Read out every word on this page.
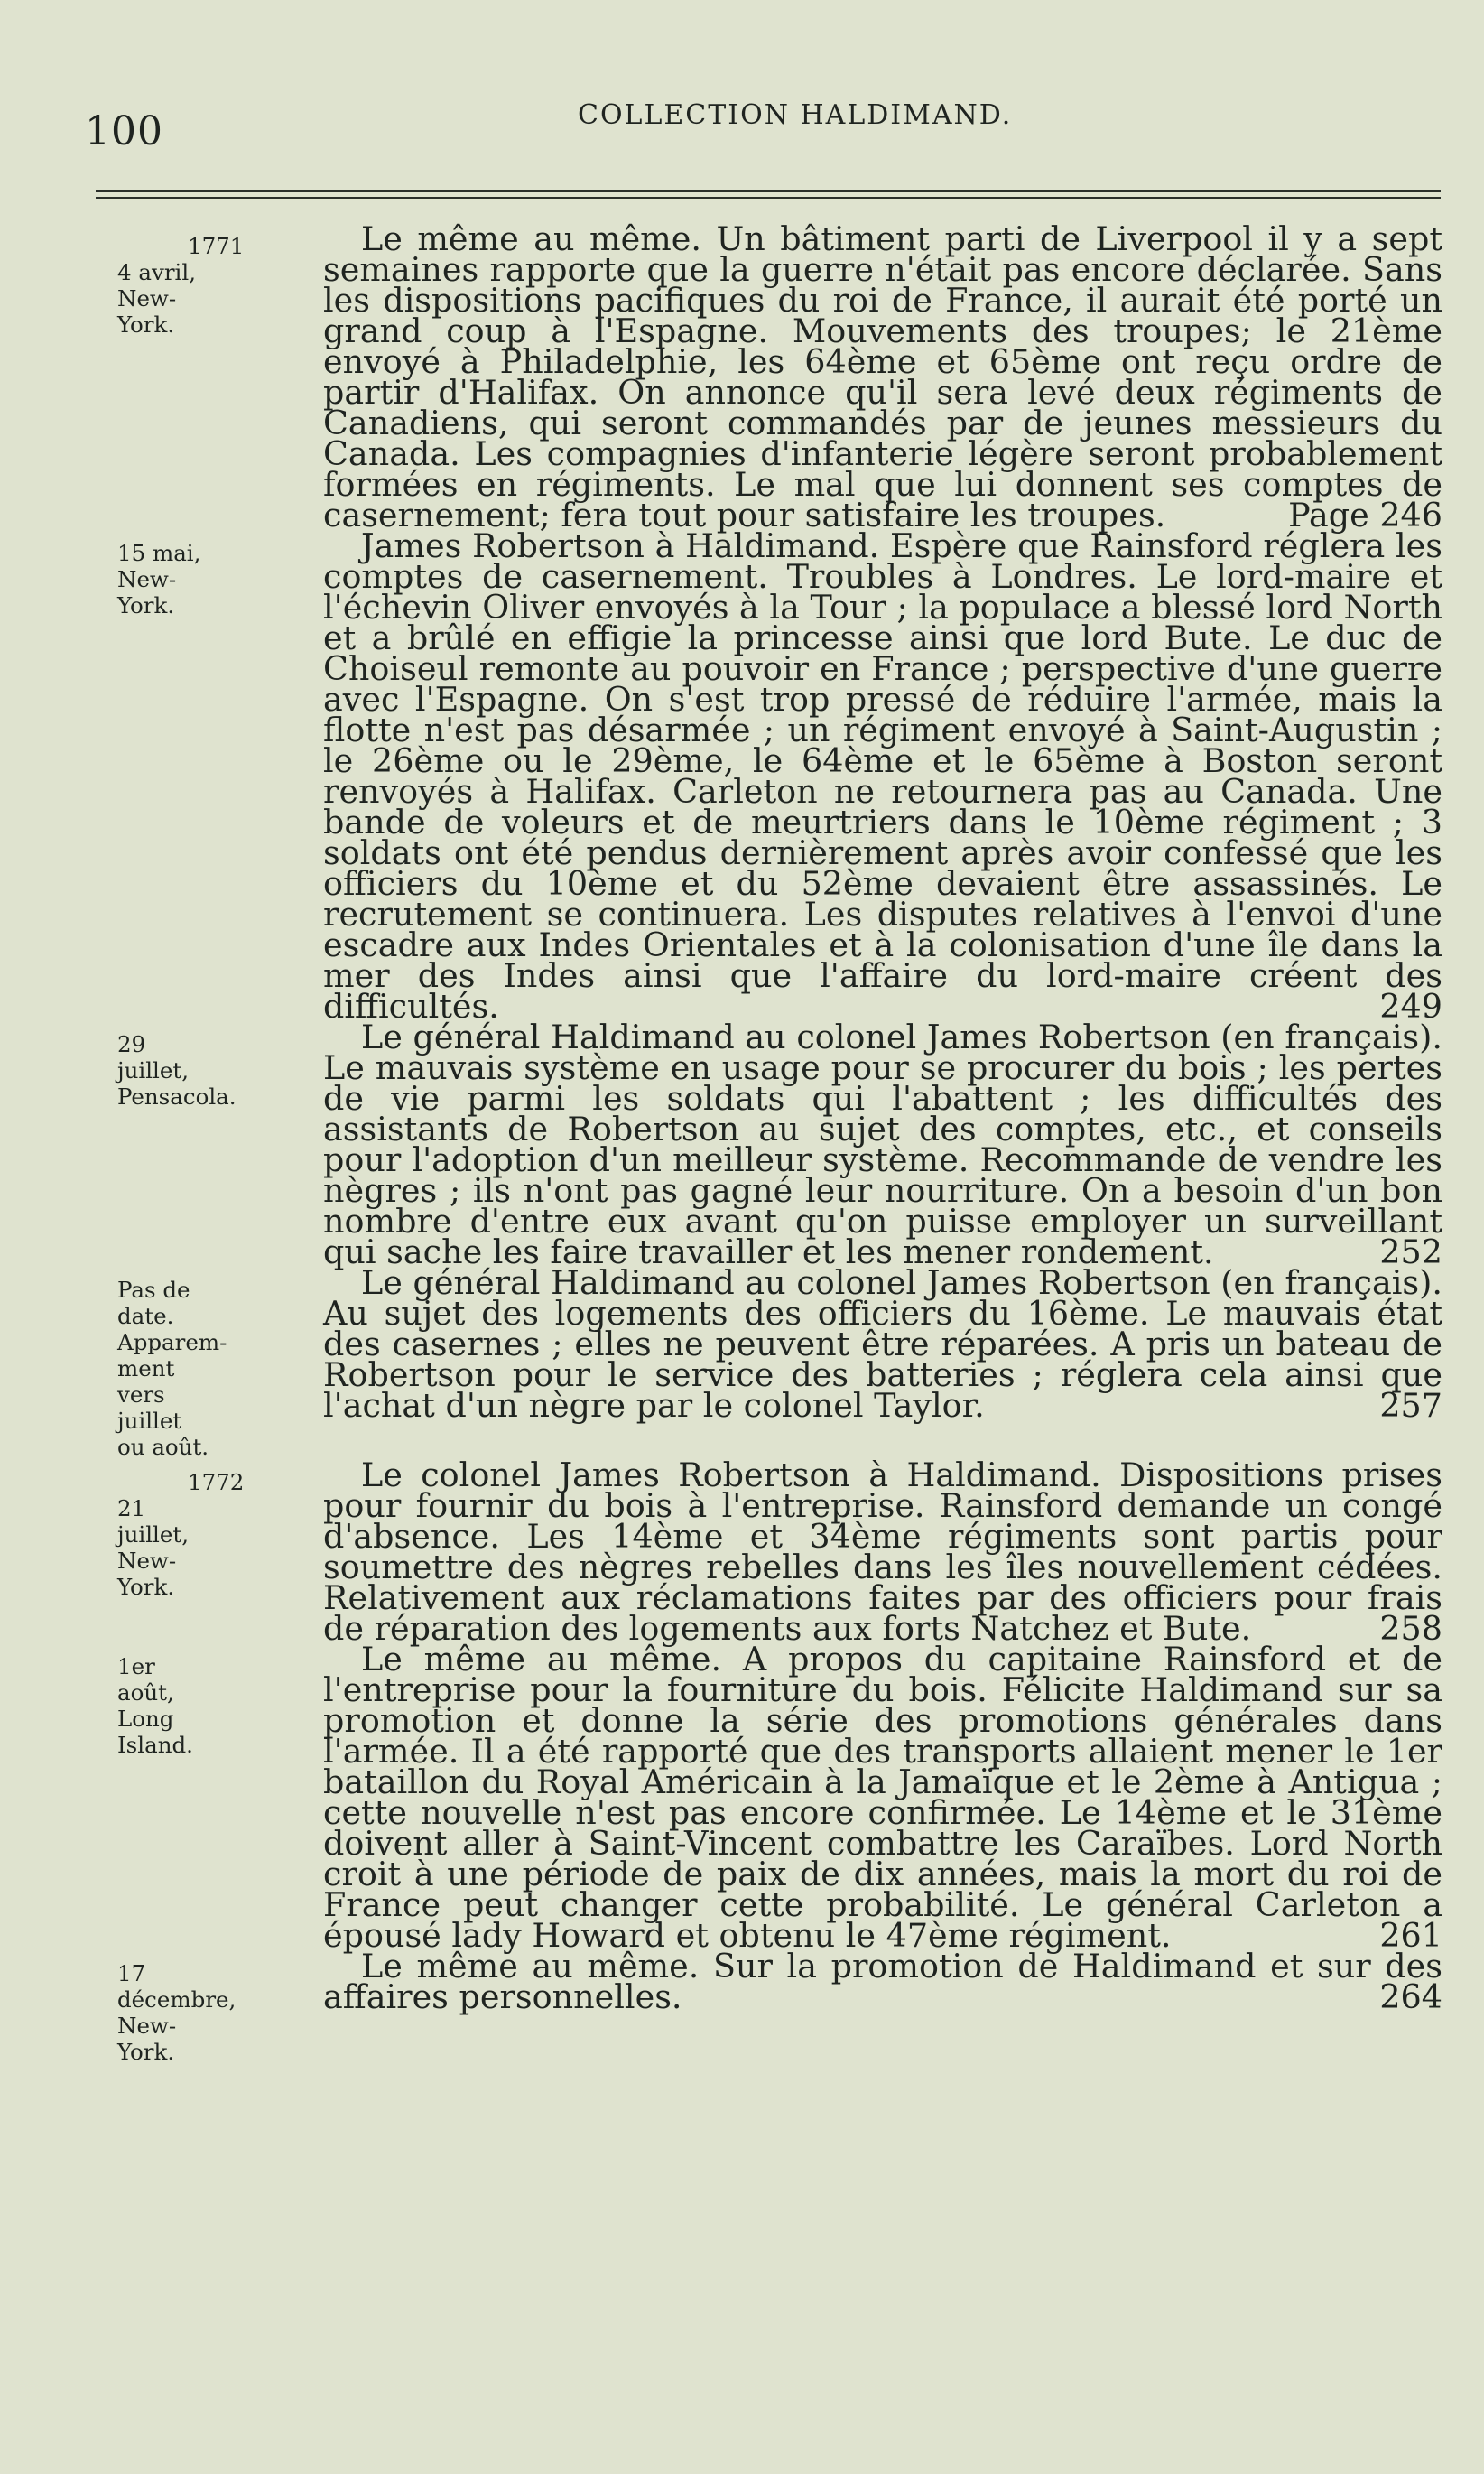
100	COLLECTION HALDIMAND.
1771
4 avril,
New-York.
Le même au même. Un bâtiment parti de Liverpool il y a sept semaines rapporte que la guerre n'était pas encore déclarée. Sans les dispositions pacifiques du roi de France, il aurait été porté un grand coup à l'Espagne. Mouvements des troupes; le 21ème envoyé à Philadelphie, les 64ème et 65ème ont reçu ordre de partir d'Halifax. On annonce qu'il sera levé deux régiments de Canadiens, qui seront commandés par de jeunes messieurs du Canada. Les compagnies d'infanterie légère seront probablement formées en régiments. Le mal que lui donnent ses comptes de casernement; fera tout pour satisfaire les troupes.	Page 246
15 mai,
New-York.
James Robertson à Haldimand. Espère que Rainsford réglera les comptes de casernement. Troubles à Londres. Le lord-maire et l'échevin Oliver envoyés à la Tour ; la populace a blessé lord North et a brûlé en effigie la princesse ainsi que lord Bute. Le duc de Choiseul remonte au pouvoir en France ; perspective d'une guerre avec l'Espagne. On s'est trop pressé de réduire l'armée, mais la flotte n'est pas désarmée ; un régiment envoyé à Saint-Augustin ; le 26ème ou le 29ème, le 64ème et le 65ème à Boston seront renvoyés à Halifax. Carleton ne retournera pas au Canada. Une bande de voleurs et de meurtriers dans le 10ème régiment ; 3 soldats ont été pendus dernièrement après avoir confessé que les officiers du 10ème et du 52ème devaient être assassinés. Le recrutement se continuera. Les disputes relatives à l'envoi d'une escadre aux Indes Orientales et à la colonisation d'une île dans la mer des Indes ainsi que l'affaire du lord-maire créent des difficultés.	249
29 juillet,
Pensacola.
Le général Haldimand au colonel James Robertson (en français). Le mauvais système en usage pour se procurer du bois ; les pertes de vie parmi les soldats qui l'abattent ; les difficultés des assistants de Robertson au sujet des comptes, etc., et conseils pour l'adoption d'un meilleur système. Recommande de vendre les nègres ; ils n'ont pas gagné leur nourriture. On a besoin d'un bon nombre d'entre eux avant qu'on puisse employer un surveillant qui sache les faire travailler et les mener rondement.	252
Pas de date.
Apparem- ment vers juillet ou août.
Le général Haldimand au colonel James Robertson (en français). Au sujet des logements des officiers du 16ème. Le mauvais état des casernes ; elles ne peuvent être réparées. A pris un bateau de Robertson pour le service des batteries ; réglera cela ainsi que l'achat d'un nègre par le colonel Taylor.	257
1772
21 juillet,
New-York.
Le colonel James Robertson à Haldimand. Dispositions prises pour fournir du bois à l'entreprise. Rainsford demande un congé d'absence. Les 14ème et 34ème régiments sont partis pour soumettre des nègres rebelles dans les îles nouvellement cédées. Relativement aux réclamations faites par des officiers pour frais de réparation des logements aux forts Natchez et Bute.	258
1er août,
Long Island.
Le même au même. A propos du capitaine Rainsford et de l'entreprise pour la fourniture du bois. Félicite Haldimand sur sa promotion et donne la série des promotions générales dans l'armée. Il a été rapporté que des transports allaient mener le 1er bataillon du Royal Américain à la Jamaïque et le 2ème à Antigua ; cette nouvelle n'est pas encore confirmée. Le 14ème et le 31ème doivent aller à Saint-Vincent combattre les Caraïbes. Lord North croit à une période de paix de dix années, mais la mort du roi de France peut changer cette probabilité. Le général Carleton a épousé lady Howard et obtenu le 47ème régiment.	261
17 décembre,
New-York.
Le même au même. Sur la promotion de Haldimand et sur des affaires personnelles.	264
